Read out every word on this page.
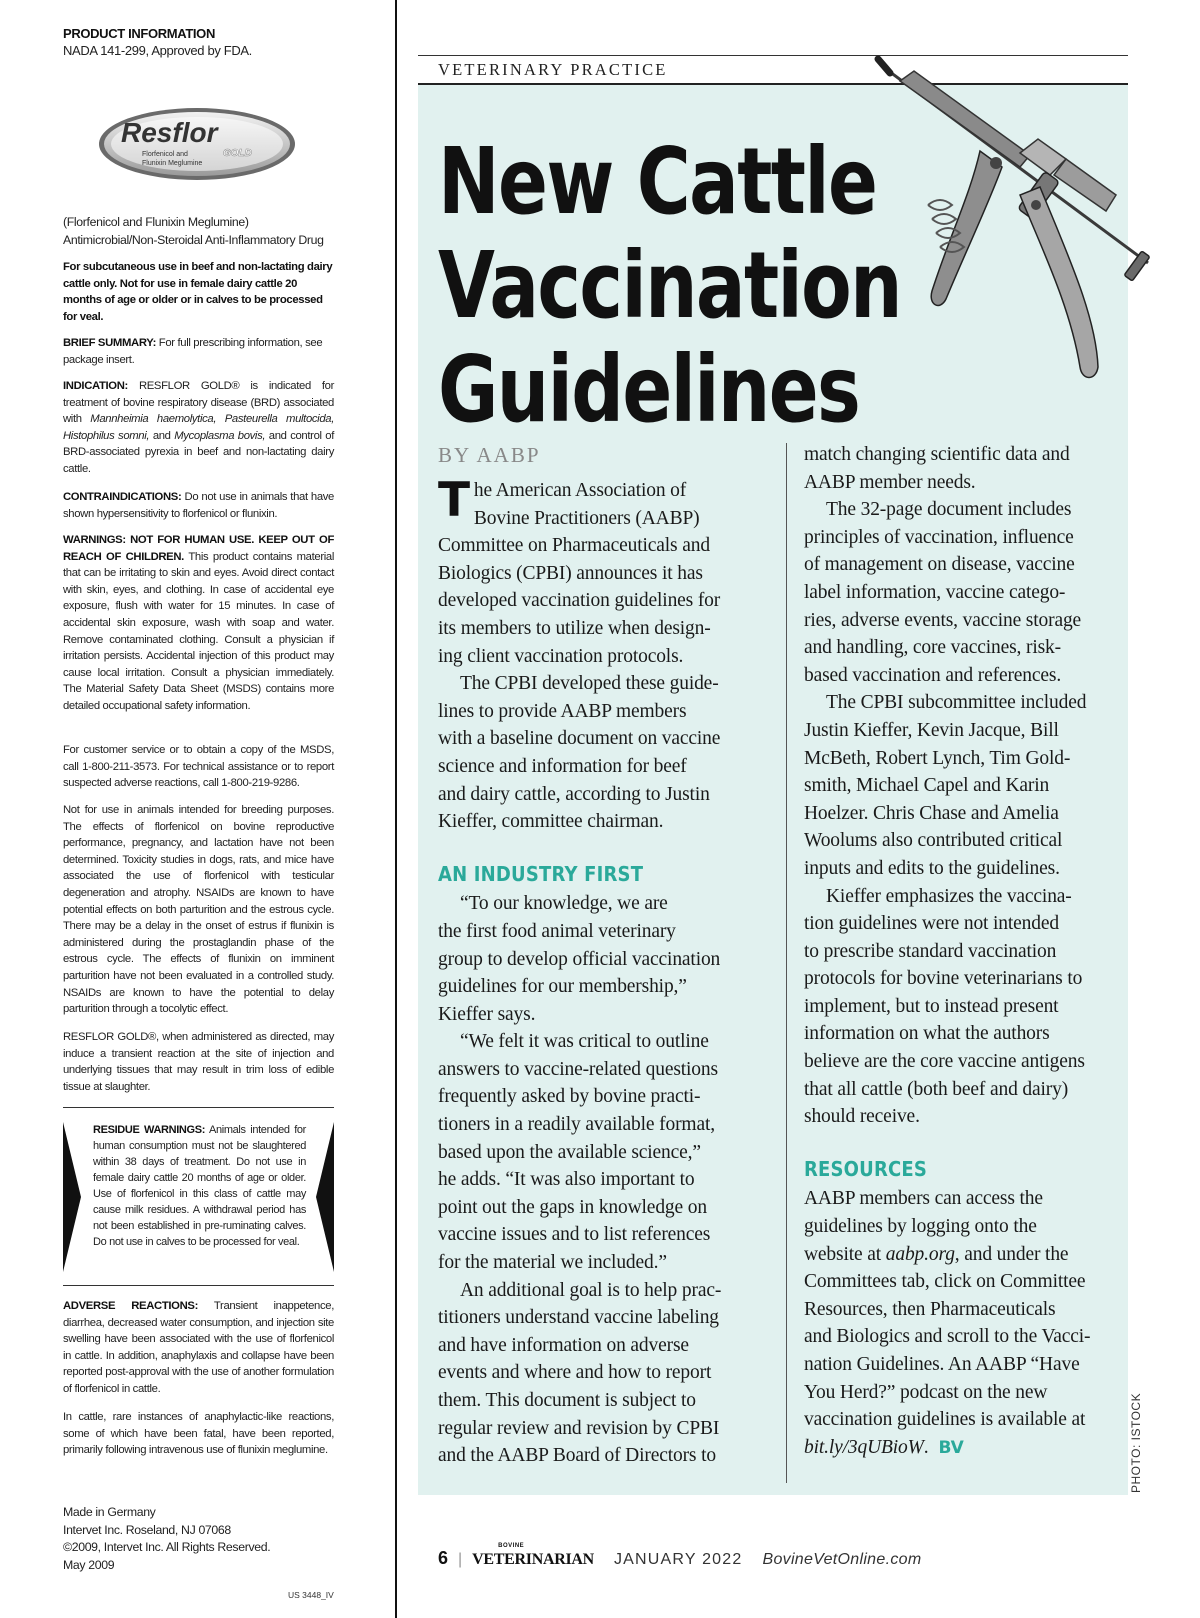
PRODUCT INFORMATION
NADA 141-299, Approved by FDA.

Resflor
GOLD
Florfenicol and
Flunixin Meglumine

(Florfenicol and Flunixin Meglumine)
Antimicrobial/Non-Steroidal Anti-Inflammatory Drug

For subcutaneous use in beef and non-lactating dairy cattle only. Not for use in female dairy cattle 20 months of age or older or in calves to be processed for veal.

BRIEF SUMMARY: For full prescribing information, see package insert.

INDICATION: RESFLOR GOLD® is indicated for treatment of bovine respiratory disease (BRD) associated with Mannheimia haemolytica, Pasteurella multocida, Histophilus somni, and Mycoplasma bovis, and control of BRD-associated pyrexia in beef and non-lactating dairy cattle.

CONTRAINDICATIONS: Do not use in animals that have shown hypersensitivity to florfenicol or flunixin.

WARNINGS: NOT FOR HUMAN USE. KEEP OUT OF REACH OF CHILDREN. This product contains material that can be irritating to skin and eyes. Avoid direct contact with skin, eyes, and clothing. In case of accidental eye exposure, flush with water for 15 minutes. In case of accidental skin exposure, wash with soap and water. Remove contaminated clothing. Consult a physician if irritation persists. Accidental injection of this product may cause local irritation. Consult a physician immediately. The Material Safety Data Sheet (MSDS) contains more detailed occupational safety information.

For customer service or to obtain a copy of the MSDS, call 1-800-211-3573. For technical assistance or to report suspected adverse reactions, call 1-800-219-9286.

Not for use in animals intended for breeding purposes. The effects of florfenicol on bovine reproductive performance, pregnancy, and lactation have not been determined. Toxicity studies in dogs, rats, and mice have associated the use of florfenicol with testicular degeneration and atrophy. NSAIDs are known to have potential effects on both parturition and the estrous cycle. There may be a delay in the onset of estrus if flunixin is administered during the prostaglandin phase of the estrous cycle. The effects of flunixin on imminent parturition have not been evaluated in a controlled study. NSAIDs are known to have the potential to delay parturition through a tocolytic effect.

RESFLOR GOLD®, when administered as directed, may induce a transient reaction at the site of injection and underlying tissues that may result in trim loss of edible tissue at slaughter.

RESIDUE WARNINGS: Animals intended for human consumption must not be slaughtered within 38 days of treatment. Do not use in female dairy cattle 20 months of age or older. Use of florfenicol in this class of cattle may cause milk residues. A withdrawal period has not been established in pre-ruminating calves. Do not use in calves to be processed for veal.

ADVERSE REACTIONS: Transient inappetence, diarrhea, decreased water consumption, and injection site swelling have been associated with the use of florfenicol in cattle. In addition, anaphylaxis and collapse have been reported post-approval with the use of another formulation of florfenicol in cattle.

In cattle, rare instances of anaphylactic-like reactions, some of which have been fatal, have been reported, primarily following intravenous use of flunixin meglumine.

Made in Germany
Intervet Inc. Roseland, NJ 07068
©2009, Intervet Inc. All Rights Reserved.
May 2009

US 3448_IV

VETERINARY PRACTICE

New Cattle
Vaccination
Guidelines

BY AABP

T he American Association of
Bovine Practitioners (AABP)
Committee on Pharmaceuticals and
Biologics (CPBI) announces it has
developed vaccination guidelines for
its members to utilize when design-
ing client vaccination protocols.
The CPBI developed these guide-
lines to provide AABP members
with a baseline document on vaccine
science and information for beef
and dairy cattle, according to Justin
Kieffer, committee chairman.
AN INDUSTRY FIRST
“To our knowledge, we are
the first food animal veterinary
group to develop official vaccination
guidelines for our membership,”
Kieffer says.
“We felt it was critical to outline
answers to vaccine-related questions
frequently asked by bovine practi-
tioners in a readily available format,
based upon the available science,”
he adds. “It was also important to
point out the gaps in knowledge on
vaccine issues and to list references
for the material we included.”
An additional goal is to help prac-
titioners understand vaccine labeling
and have information on adverse
events and where and how to report
them. This document is subject to
regular review and revision by CPBI
and the AABP Board of Directors to
match changing scientific data and
AABP member needs.
The 32-page document includes
principles of vaccination, influence
of management on disease, vaccine
label information, vaccine catego-
ries, adverse events, vaccine storage
and handling, core vaccines, risk-
based vaccination and references.
The CPBI subcommittee included
Justin Kieffer, Kevin Jacque, Bill
McBeth, Robert Lynch, Tim Gold-
smith, Michael Capel and Karin
Hoelzer. Chris Chase and Amelia
Woolums also contributed critical
inputs and edits to the guidelines.
Kieffer emphasizes the vaccina-
tion guidelines were not intended
to prescribe standard vaccination
protocols for bovine veterinarians to
implement, but to instead present
information on what the authors
believe are the core vaccine antigens
that all cattle (both beef and dairy)
should receive.
RESOURCES
AABP members can access the
guidelines by logging onto the
website at aabp.org, and under the
Committees tab, click on Committee
Resources, then Pharmaceuticals
and Biologics and scroll to the Vacci-
nation Guidelines. An AABP “Have
You Herd?” podcast on the new
vaccination guidelines is available at
bit.ly/3qUBioW. BV	PHOTO: ISTOCK

6 |
BOVINE
VETERINARIAN JANUARY 2022 BovineVetOnline.com
